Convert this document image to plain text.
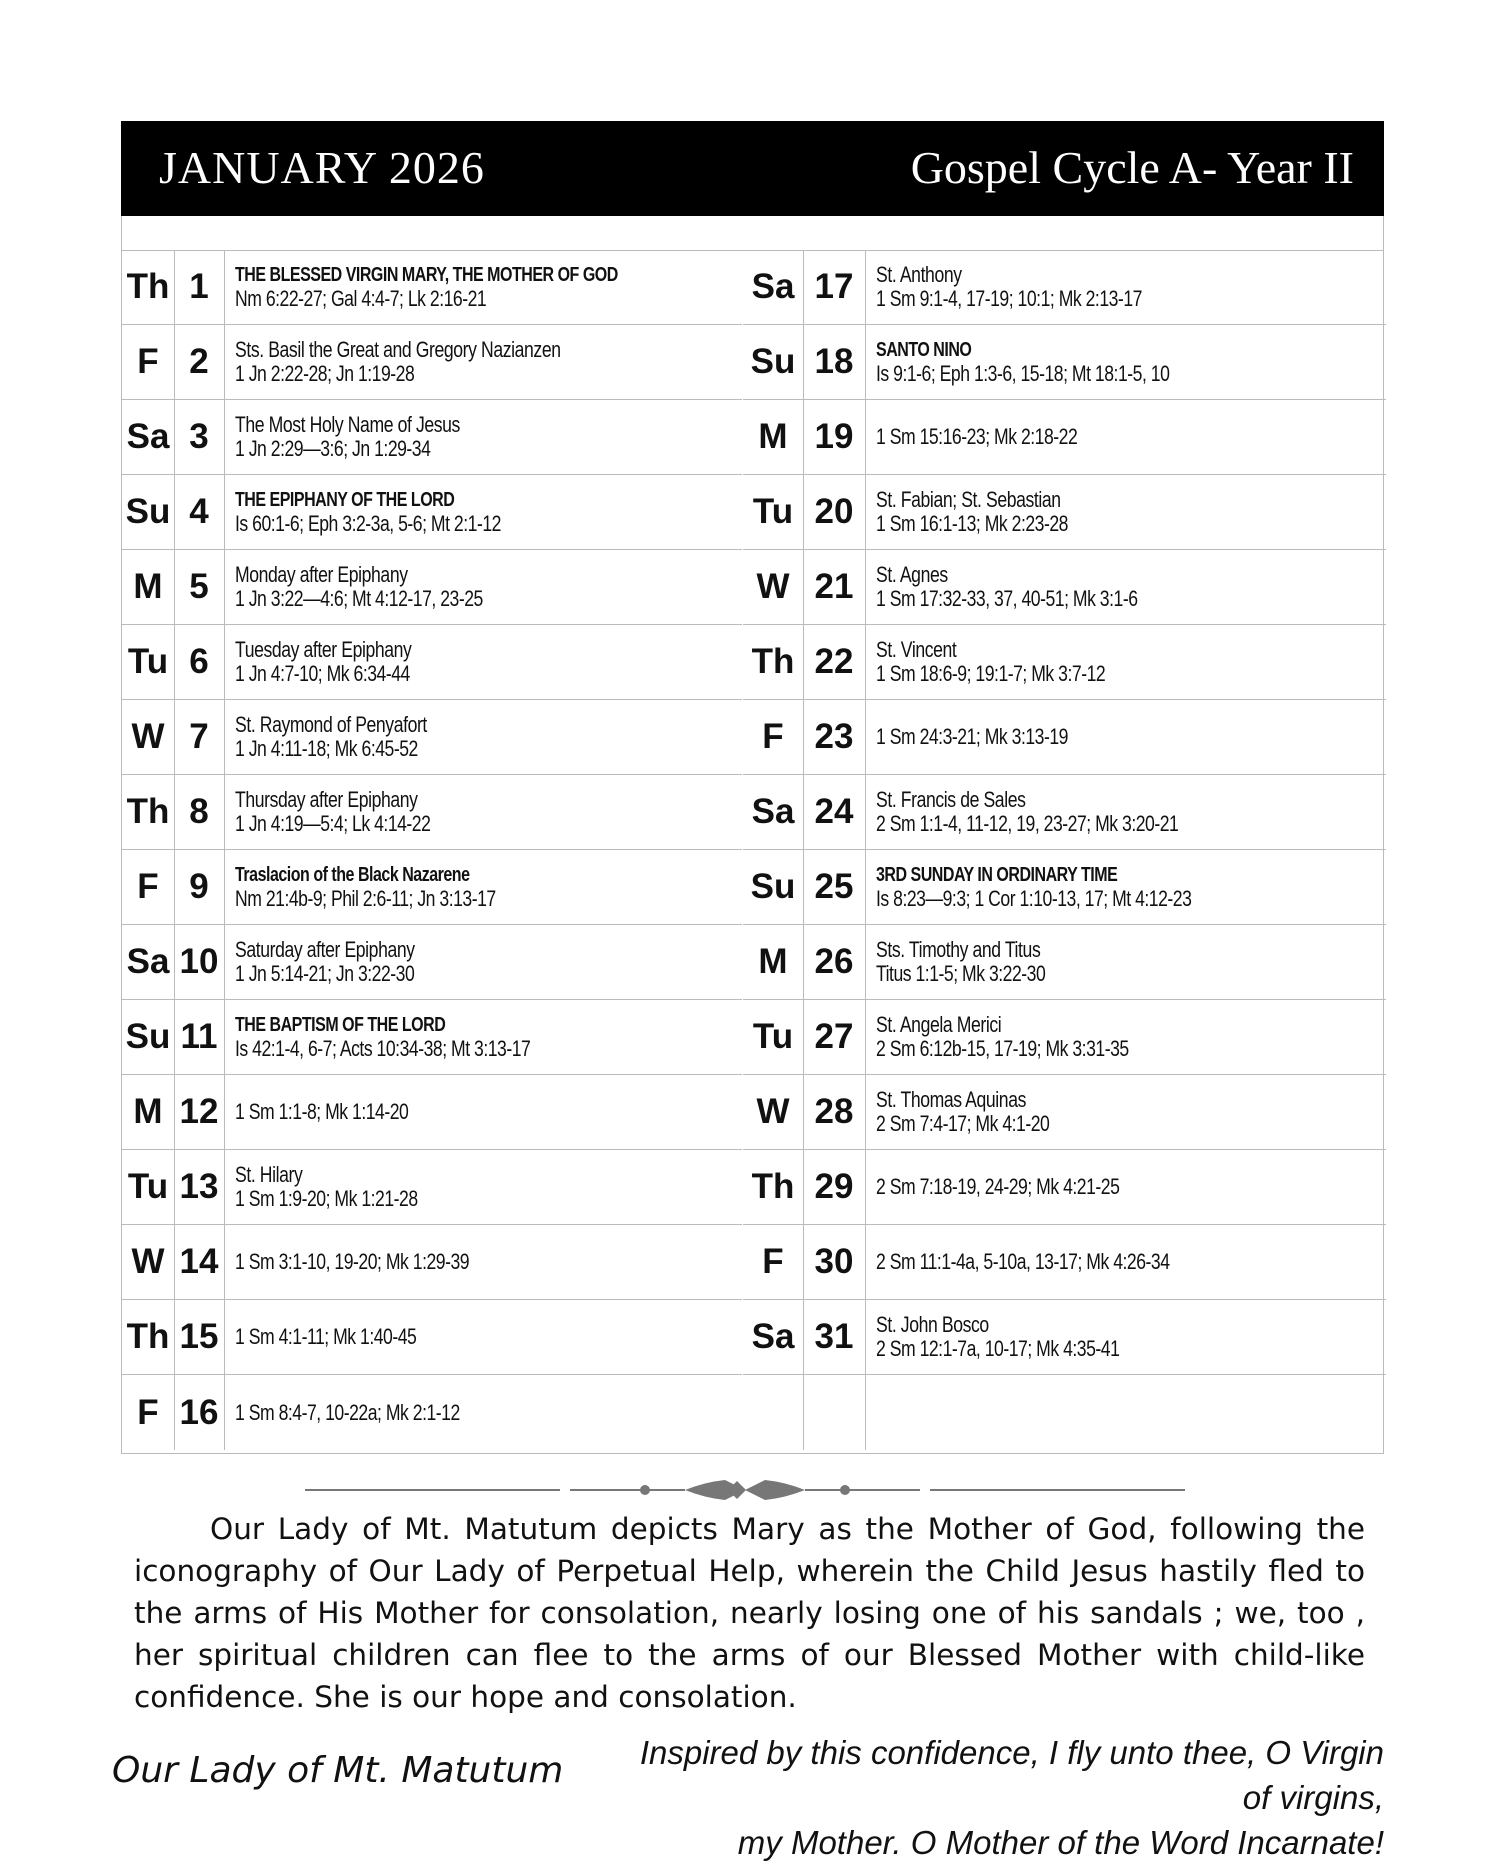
JANUARY 2026	Gospel Cycle A- Year II
Th 1	THE BLESSED VIRGIN MARY, THE MOTHER OF GOD
Nm 6:22-27; Gal 4:4-7; Lk 2:16-21
F 2	Sts. Basil the Great and Gregory Nazianzen
1 Jn 2:22-28; Jn 1:19-28
Sa 3	The Most Holy Name of Jesus
1 Jn 2:29—3:6; Jn 1:29-34
Su 4	THE EPIPHANY OF THE LORD
Is 60:1-6; Eph 3:2-3a, 5-6; Mt 2:1-12
M 5	Monday after Epiphany
1 Jn 3:22—4:6; Mt 4:12-17, 23-25
Tu 6	Tuesday after Epiphany
1 Jn 4:7-10; Mk 6:34-44
W 7	St. Raymond of Penyafort
1 Jn 4:11-18; Mk 6:45-52
Th 8	Thursday after Epiphany
1 Jn 4:19—5:4; Lk 4:14-22
F 9	Traslacion of the Black Nazarene
Nm 21:4b-9; Phil 2:6-11; Jn 3:13-17
Sa 10 Saturday after Epiphany
1 Jn 5:14-21; Jn 3:22-30
Su 11 THE BAPTISM OF THE LORD
Is 42:1-4, 6-7; Acts 10:34-38; Mt 3:13-17
M 12 1 Sm 1:1-8; Mk 1:14-20
Tu 13 St. Hilary
1 Sm 1:9-20; Mk 1:21-28
W 14 1 Sm 3:1-10, 19-20; Mk 1:29-39
Th 15 1 Sm 4:1-11; Mk 1:40-45
F 16 1 Sm 8:4-7, 10-22a; Mk 2:1-12
Sa 17	St. Anthony
1 Sm 9:1-4, 17-19; 10:1; Mk 2:13-17
Su 18	SANTO NINO
Is 9:1-6; Eph 1:3-6, 15-18; Mt 18:1-5, 10
M 19	1 Sm 15:16-23; Mk 2:18-22
Tu 20	St. Fabian; St. Sebastian
1 Sm 16:1-13; Mk 2:23-28
W 21	St. Agnes
1 Sm 17:32-33, 37, 40-51; Mk 3:1-6
Th 22	St. Vincent
1 Sm 18:6-9; 19:1-7; Mk 3:7-12
F 23	1 Sm 24:3-21; Mk 3:13-19
Sa 24	St. Francis de Sales
2 Sm 1:1-4, 11-12, 19, 23-27; Mk 3:20-21
Su 25	3RD SUNDAY IN ORDINARY TIME
Is 8:23—9:3; 1 Cor 1:10-13, 17; Mt 4:12-23
M 26	Sts. Timothy and Titus
Titus 1:1-5; Mk 3:22-30
Tu 27	St. Angela Merici
2 Sm 6:12b-15, 17-19; Mk 3:31-35
W 28	St. Thomas Aquinas
2 Sm 7:4-17; Mk 4:1-20
Th 29	2 Sm 7:18-19, 24-29; Mk 4:21-25
F 30	2 Sm 11:1-4a, 5-10a, 13-17; Mk 4:26-34
Sa 31	St. John Bosco
2 Sm 12:1-7a, 10-17; Mk 4:35-41
Our Lady of Mt. Matutum depicts Mary as the Mother of God, following the iconography of Our Lady of Perpetual Help, wherein the Child Jesus hastily fled to the arms of His Mother for consolation, nearly losing one of his sandals ; we, too , her spiritual children can flee to the arms of our Blessed Mother with child-like confidence. She is our hope and consolation.
Our Lady of Mt. Matutum	Inspired by this confidence, I fly unto thee, O Virgin of virgins,
my Mother. O Mother of the Word Incarnate!
